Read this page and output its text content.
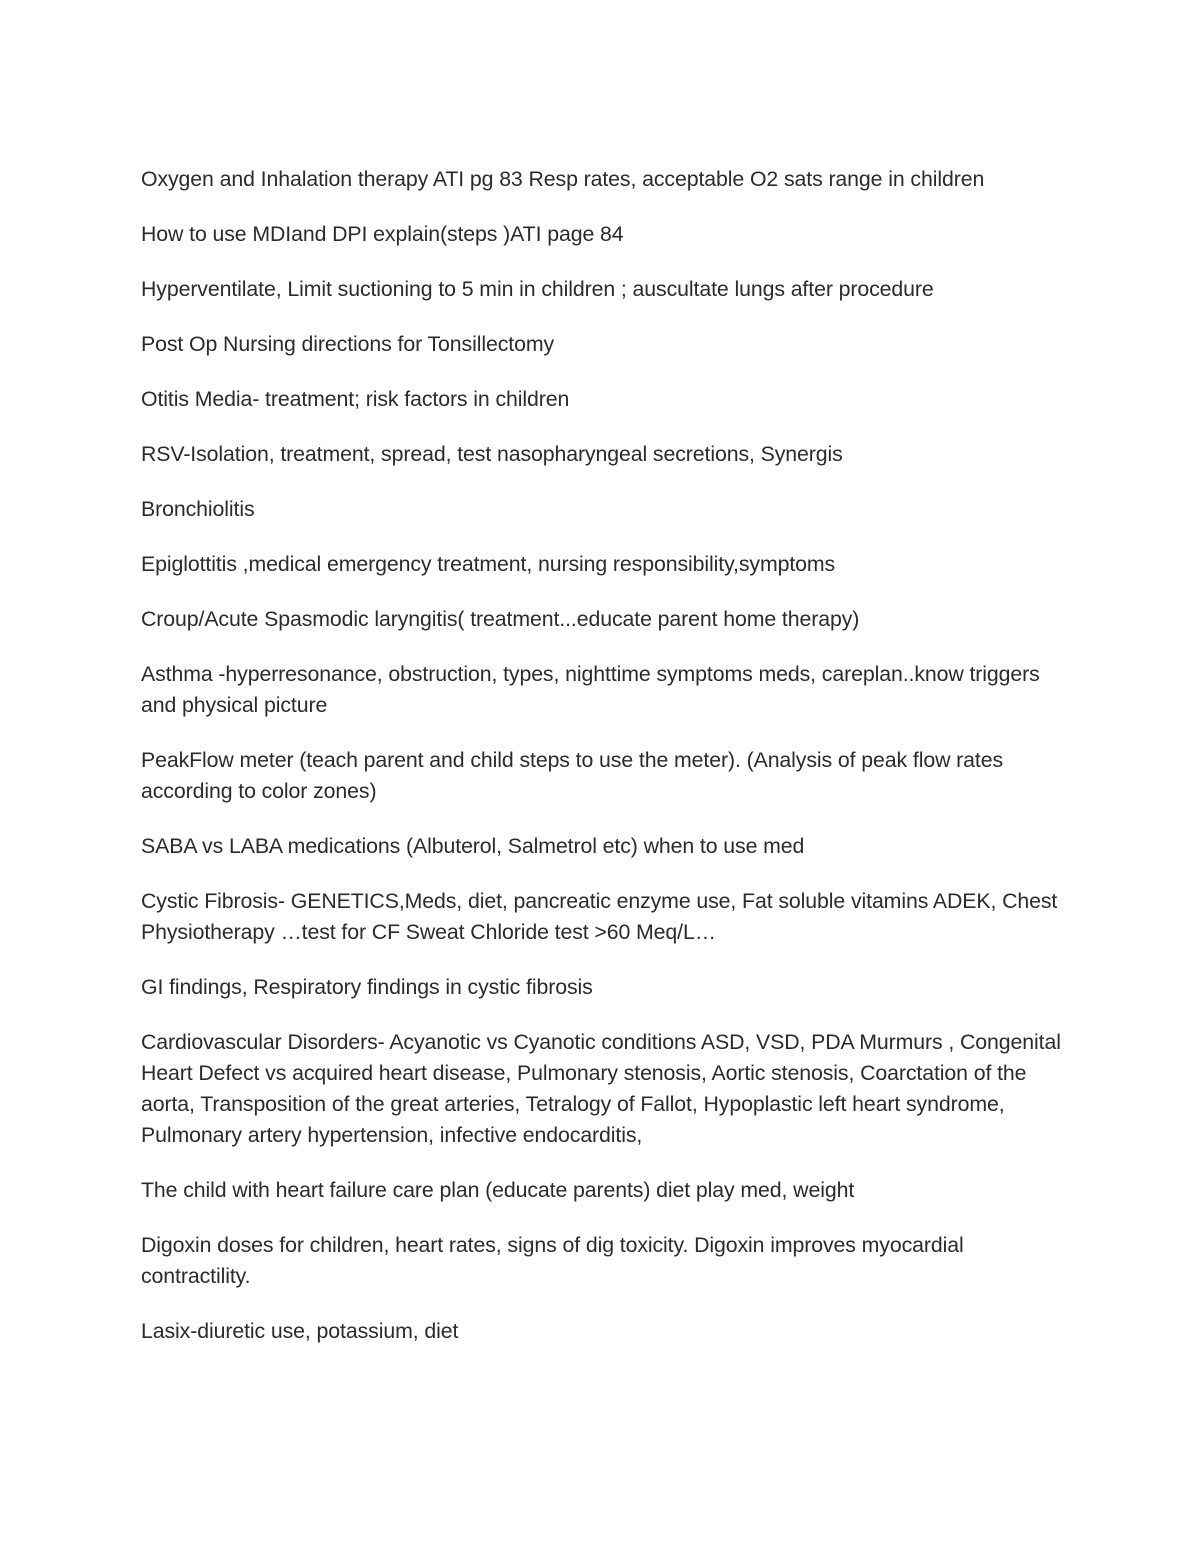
Oxygen and Inhalation therapy ATI pg 83 Resp rates, acceptable O2 sats range in children

How to use MDIand DPI explain(steps )ATI page 84

Hyperventilate, Limit suctioning to 5 min in children ; auscultate lungs after procedure

Post Op Nursing directions for Tonsillectomy

Otitis Media- treatment; risk factors in children

RSV-Isolation, treatment, spread, test nasopharyngeal secretions, Synergis

Bronchiolitis

Epiglottitis ,medical emergency treatment, nursing responsibility,symptoms

Croup/Acute Spasmodic laryngitis( treatment...educate parent home therapy)

Asthma -hyperresonance, obstruction, types, nighttime symptoms meds, careplan..know triggers and physical picture

PeakFlow meter (teach parent and child steps to use the meter). (Analysis of peak flow rates according to color zones)

SABA vs LABA medications (Albuterol, Salmetrol etc) when to use med

Cystic Fibrosis- GENETICS,Meds, diet, pancreatic enzyme use, Fat soluble vitamins ADEK, Chest Physiotherapy …test for CF Sweat Chloride test >60 Meq/L…

GI findings, Respiratory findings in cystic fibrosis

Cardiovascular Disorders- Acyanotic vs Cyanotic conditions ASD, VSD, PDA Murmurs , Congenital Heart Defect vs acquired heart disease, Pulmonary stenosis, Aortic stenosis, Coarctation of the aorta, Transposition of the great arteries, Tetralogy of Fallot, Hypoplastic left heart syndrome, Pulmonary artery hypertension, infective endocarditis,

The child with heart failure care plan (educate parents) diet play med, weight

Digoxin doses for children, heart rates, signs of dig toxicity. Digoxin improves myocardial contractility.

Lasix-diuretic use, potassium, diet
